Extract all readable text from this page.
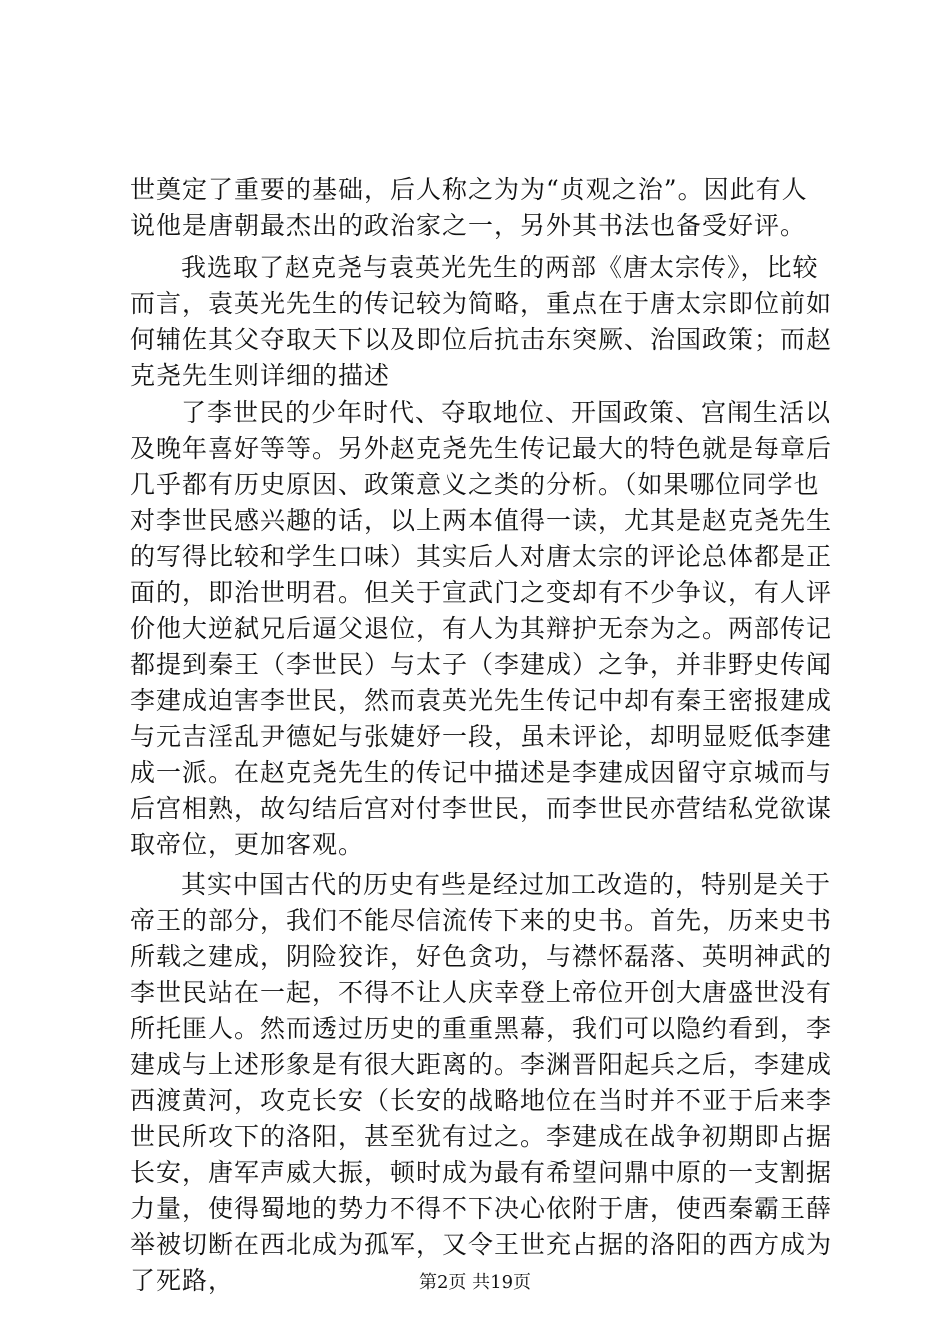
世奠定了重要的基础，后人称之为为“贞观之治”。因此有人
说他是唐朝最杰出的政治家之一，另外其书法也备受好评。
我选取了赵克尧与袁英光先生的两部《唐太宗传》，比较
而言，袁英光先生的传记较为简略，重点在于唐太宗即位前如
何辅佐其父夺取天下以及即位后抗击东突厥、治国政策；而赵
克尧先生则详细的描述
了李世民的少年时代、夺取地位、开国政策、宫闱生活以
及晚年喜好等等。另外赵克尧先生传记最大的特色就是每章后
几乎都有历史原因、政策意义之类的分析。（如果哪位同学也
对李世民感兴趣的话，以上两本值得一读，尤其是赵克尧先生
的写得比较和学生口味）其实后人对唐太宗的评论总体都是正
面的，即治世明君。但关于宣武门之变却有不少争议，有人评
价他大逆弑兄后逼父退位，有人为其辩护无奈为之。两部传记
都提到秦王（李世民）与太子（李建成）之争，并非野史传闻
李建成迫害李世民，然而袁英光先生传记中却有秦王密报建成
与元吉淫乱尹德妃与张婕妤一段，虽未评论，却明显贬低李建
成一派。在赵克尧先生的传记中描述是李建成因留守京城而与
后宫相熟，故勾结后宫对付李世民，而李世民亦营结私党欲谋
取帝位，更加客观。
其实中国古代的历史有些是经过加工改造的，特别是关于
帝王的部分，我们不能尽信流传下来的史书。首先，历来史书
所载之建成，阴险狡诈，好色贪功，与襟怀磊落、英明神武的
李世民站在一起，不得不让人庆幸登上帝位开创大唐盛世没有
所托匪人。然而透过历史的重重黑幕，我们可以隐约看到，李
建成与上述形象是有很大距离的。李渊晋阳起兵之后，李建成
西渡黄河，攻克长安（长安的战略地位在当时并不亚于后来李
世民所攻下的洛阳，甚至犹有过之。李建成在战争初期即占据
长安，唐军声威大振，顿时成为最有希望问鼎中原的一支割据
力量，使得蜀地的势力不得不下决心依附于唐，使西秦霸王薛
举被切断在西北成为孤军，又令王世充占据的洛阳的西方成为
了死路，	第2页 共19页
